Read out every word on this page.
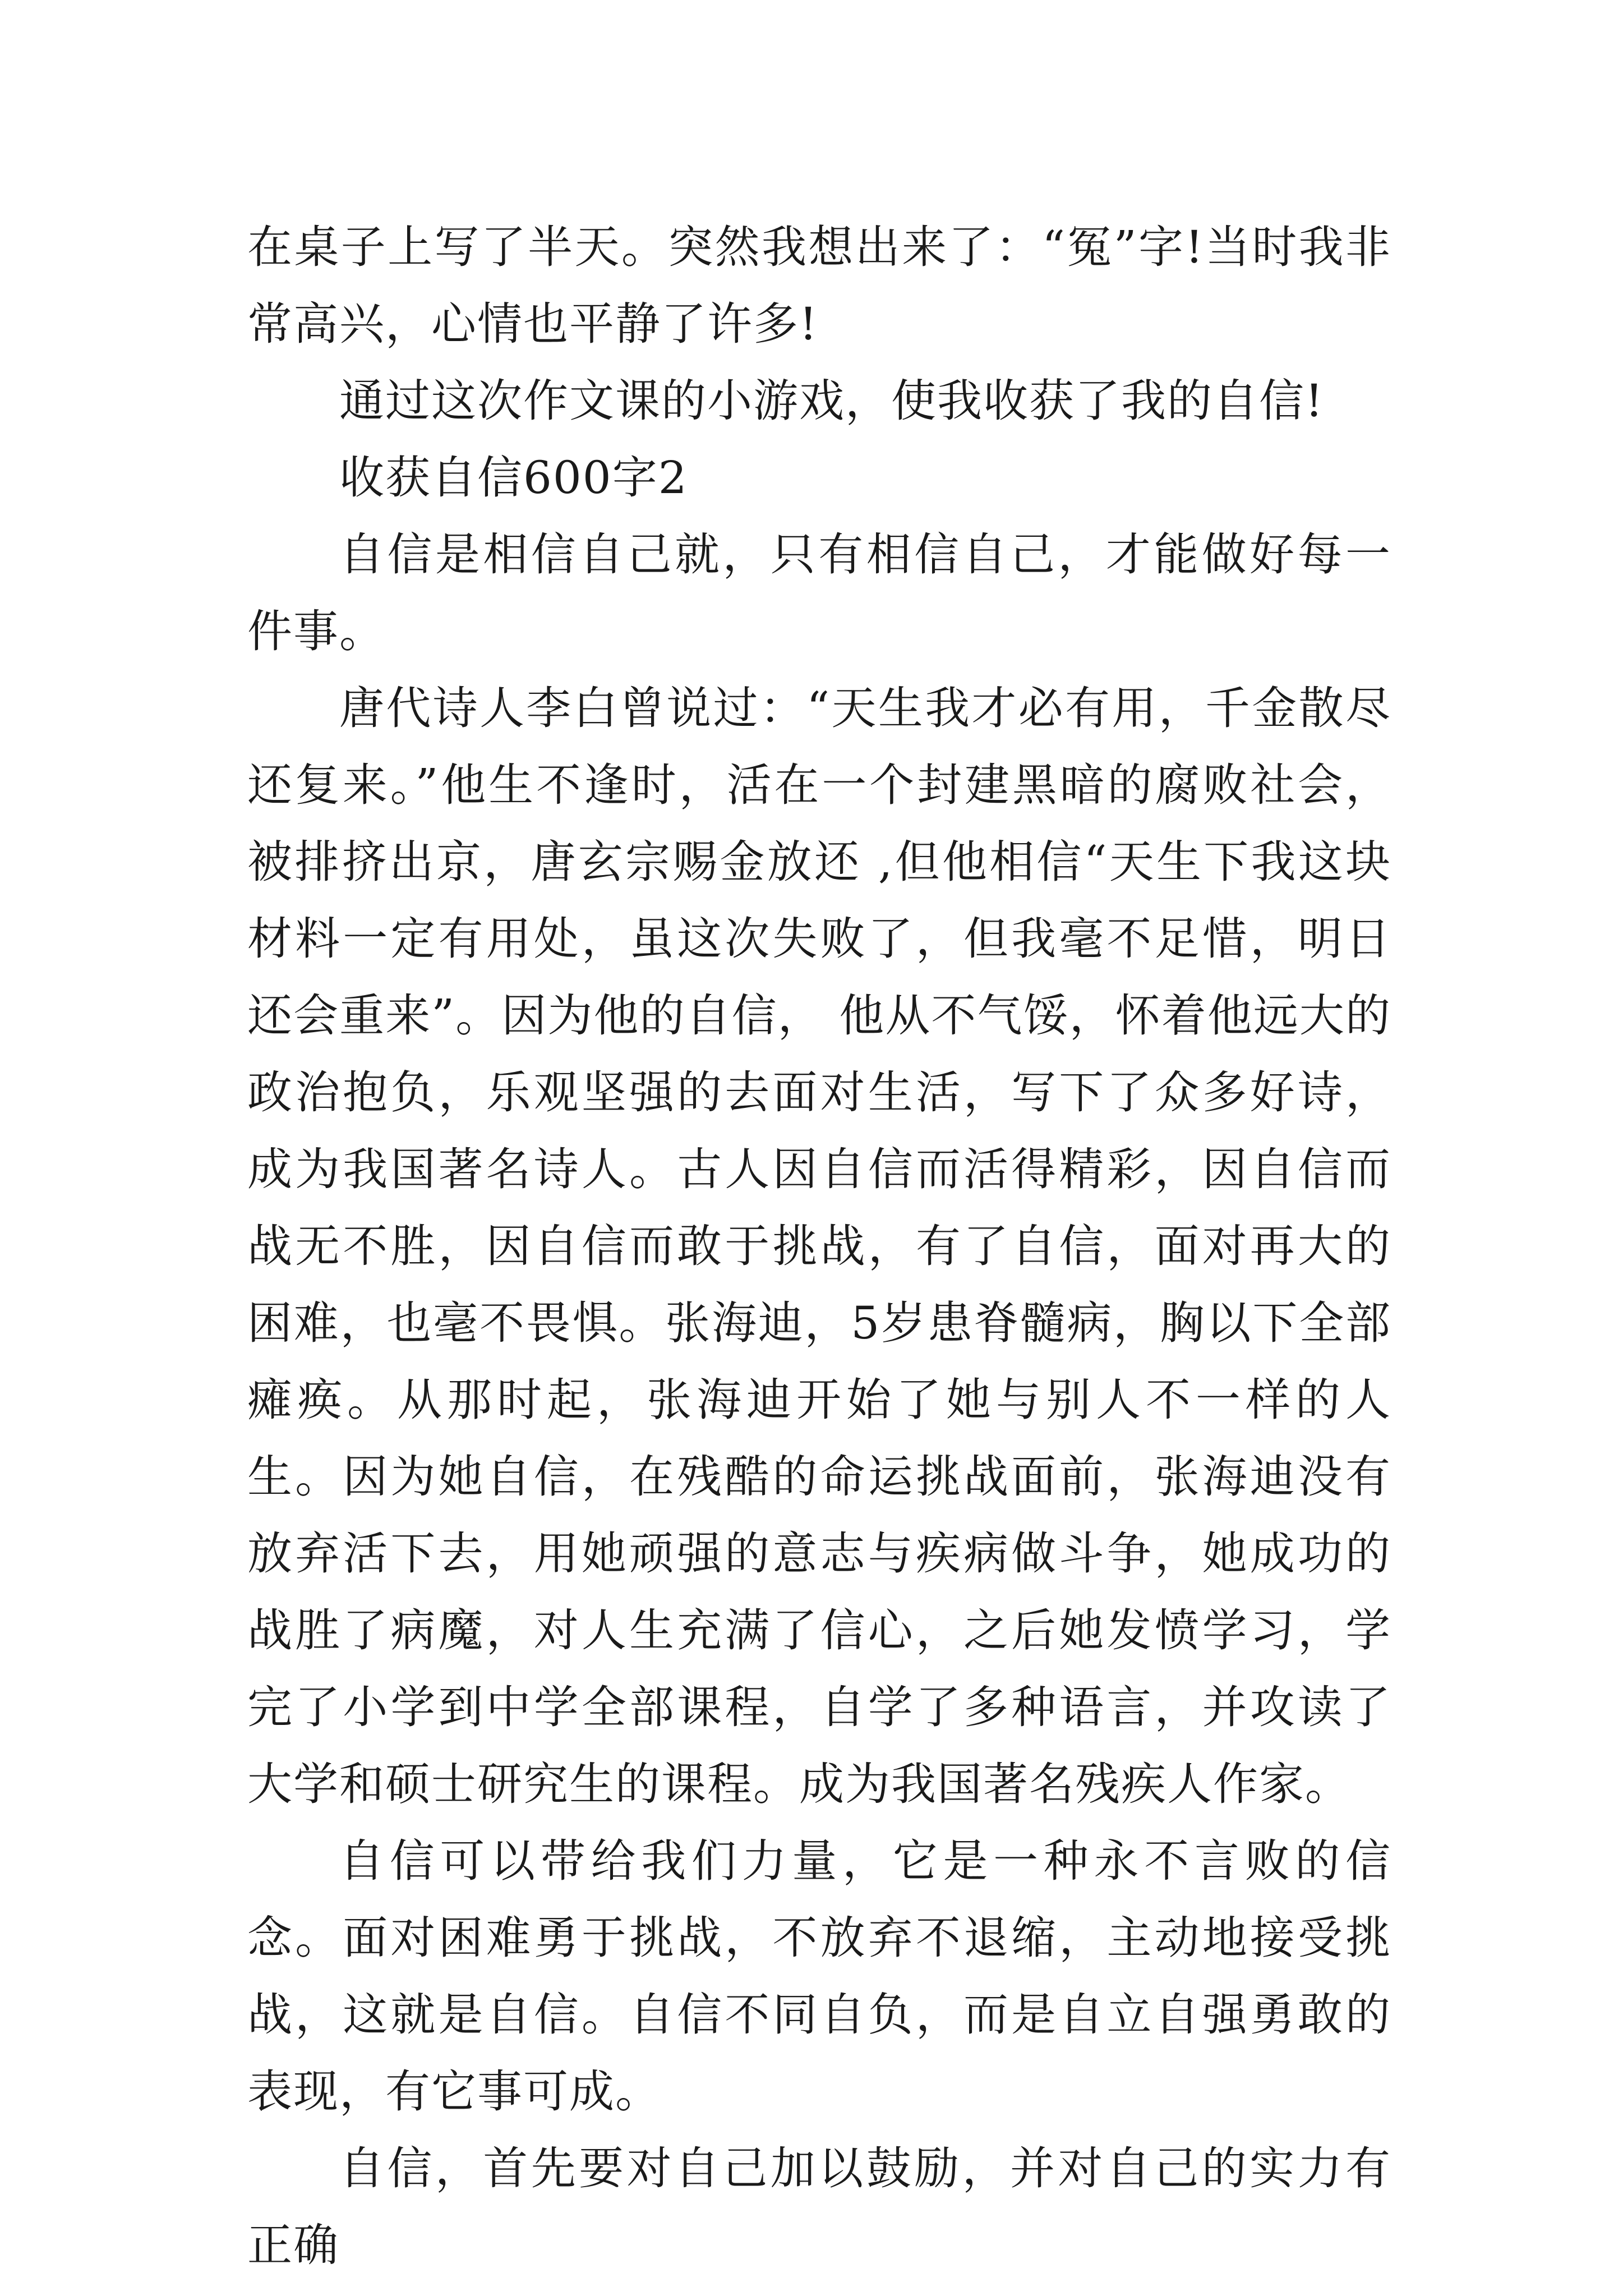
在桌子上写了半天。突然我想出来了：“冤”字!当时我非常高兴，心情也平静了许多!

通过这次作文课的小游戏，使我收获了我的自信!

收获自信600字2

自信是相信自己就，只有相信自己，才能做好每一件事。

唐代诗人李白曾说过：“天生我才必有用，千金散尽还复来。”他生不逢时，活在一个封建黑暗的腐败社会，被排挤出京，唐玄宗赐金放还 ,但他相信“天生下我这块材料一定有用处，虽这次失败了，但我毫不足惜，明日还会重来”。因为他的自信， 他从不气馁，怀着他远大的政治抱负，乐观坚强的去面对生活，写下了众多好诗，成为我国著名诗人。古人因自信而活得精彩，因自信而战无不胜，因自信而敢于挑战，有了自信，面对再大的困难，也毫不畏惧。张海迪，5岁患脊髓病，胸以下全部瘫痪。从那时起，张海迪开始了她与别人不一样的人生。因为她自信，在残酷的命运挑战面前，张海迪没有放弃活下去，用她顽强的意志与疾病做斗争，她成功的战胜了病魔，对人生充满了信心，之后她发愤学习，学完了小学到中学全部课程，自学了多种语言，并攻读了大学和硕士研究生的课程。成为我国著名残疾人作家。

自信可以带给我们力量，它是一种永不言败的信念。面对困难勇于挑战，不放弃不退缩，主动地接受挑战，这就是自信。自信不同自负，而是自立自强勇敢的表现，有它事可成。

自信，首先要对自己加以鼓励，并对自己的实力有正确
